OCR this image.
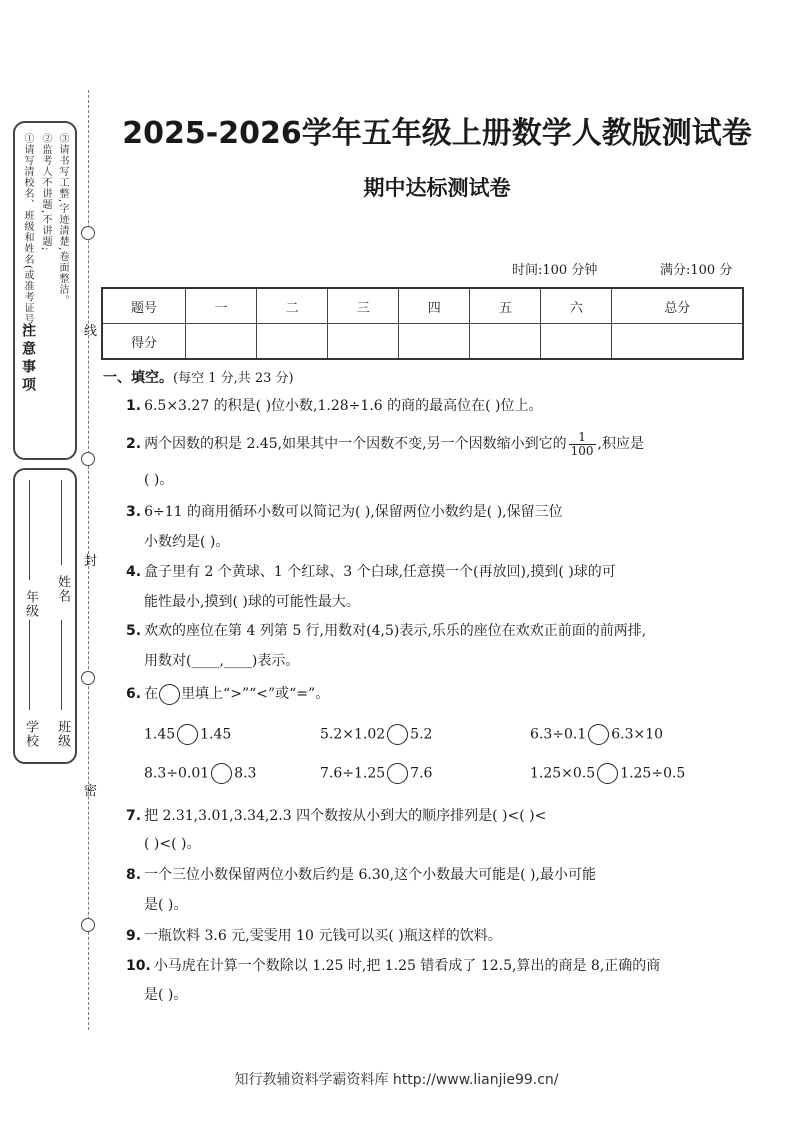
注意事项
①请写清校名、班级和姓名(或准考证号); ②监考人不讲题,不讲题; ③请书写工整,字迹清楚,卷面整洁。
学校
年级
班级
姓名
线
封
密
2025-2026学年五年级上册数学人教版测试卷
期中达标测试卷
时间:100 分钟	满分:100 分
题号	一	二	三	四	五	六	总分
得分							
一、填空。(每空 1 分,共 23 分)
1. 6.5×3.27 的积是( )位小数,1.28÷1.6 的商的最高位在( )位上。
2. 两个因数的积是 2.45,如果其中一个因数不变,另一个因数缩小到它的 $\frac{1}{100}$ ,积应是
( )。
3. 6÷11 的商用循环小数可以简记为( ),保留两位小数约是( ),保留三位
小数约是( )。
4. 盒子里有 2 个黄球、1 个红球、3 个白球,任意摸一个(再放回),摸到( )球的可
能性最小,摸到( )球的可能性最大。
5. 欢欢的座位在第 4 列第 5 行,用数对(4,5)表示,乐乐的座位在欢欢正前面的前两排,
用数对(____,____)表示。
6. 在 里填上“>”“<”或“=”。
1.45 1.45	5.2×1.02 5.2	6.3÷0.1 6.3×10
8.3÷0.01 8.3	7.6÷1.25 7.6	1.25×0.5 1.25÷0.5
7. 把 2.31,3.01,3.34,2.3 四个数按从小到大的顺序排列是( )<( )<
( )<( )。
8. 一个三位小数保留两位小数后约是 6.30,这个小数最大可能是( ),最小可能
是( )。
9. 一瓶饮料 3.6 元,雯雯用 10 元钱可以买( )瓶这样的饮料。
10. 小马虎在计算一个数除以 1.25 时,把 1.25 错看成了 12.5,算出的商是 8,正确的商
是( )。
知行教辅资料学霸资料库 http://www.lianjie99.cn/
